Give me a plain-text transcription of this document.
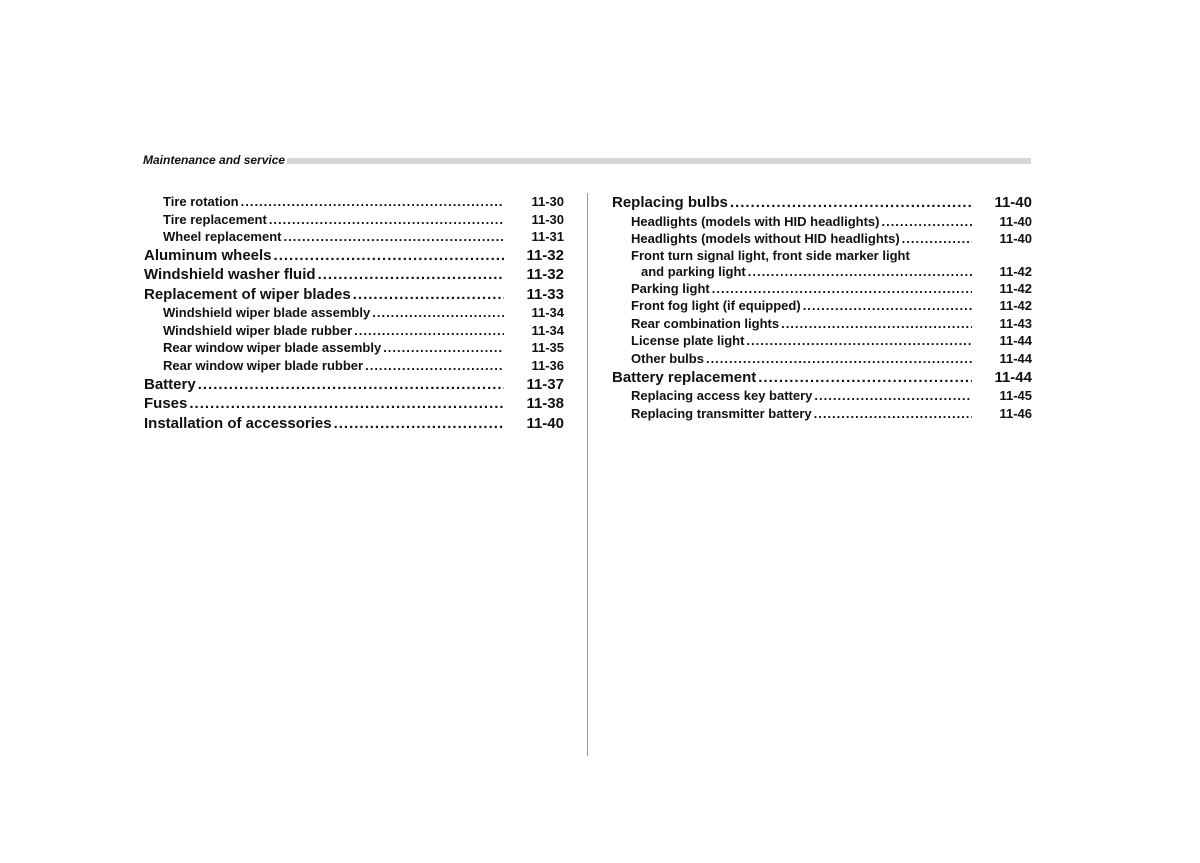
Maintenance and service
Tire rotation .....	11-30
Tire replacement .....	11-30
Wheel replacement .....	11-31
Aluminum wheels .....	11-32
Windshield washer fluid .....	11-32
Replacement of wiper blades .....	11-33
Windshield wiper blade assembly .....	11-34
Windshield wiper blade rubber .....	11-34
Rear window wiper blade assembly .....	11-35
Rear window wiper blade rubber .....	11-36
Battery .....	11-37
Fuses .....	11-38
Installation of accessories .....	11-40
Replacing bulbs .....	11-40
Headlights (models with HID headlights) .....	11-40
Headlights (models without HID headlights) .....	11-40
Front turn signal light, front side marker light
and parking light .....	11-42
Parking light .....	11-42
Front fog light (if equipped) .....	11-42
Rear combination lights .....	11-43
License plate light .....	11-44
Other bulbs .....	11-44
Battery replacement .....	11-44
Replacing access key battery .....	11-45
Replacing transmitter battery .....	11-46
